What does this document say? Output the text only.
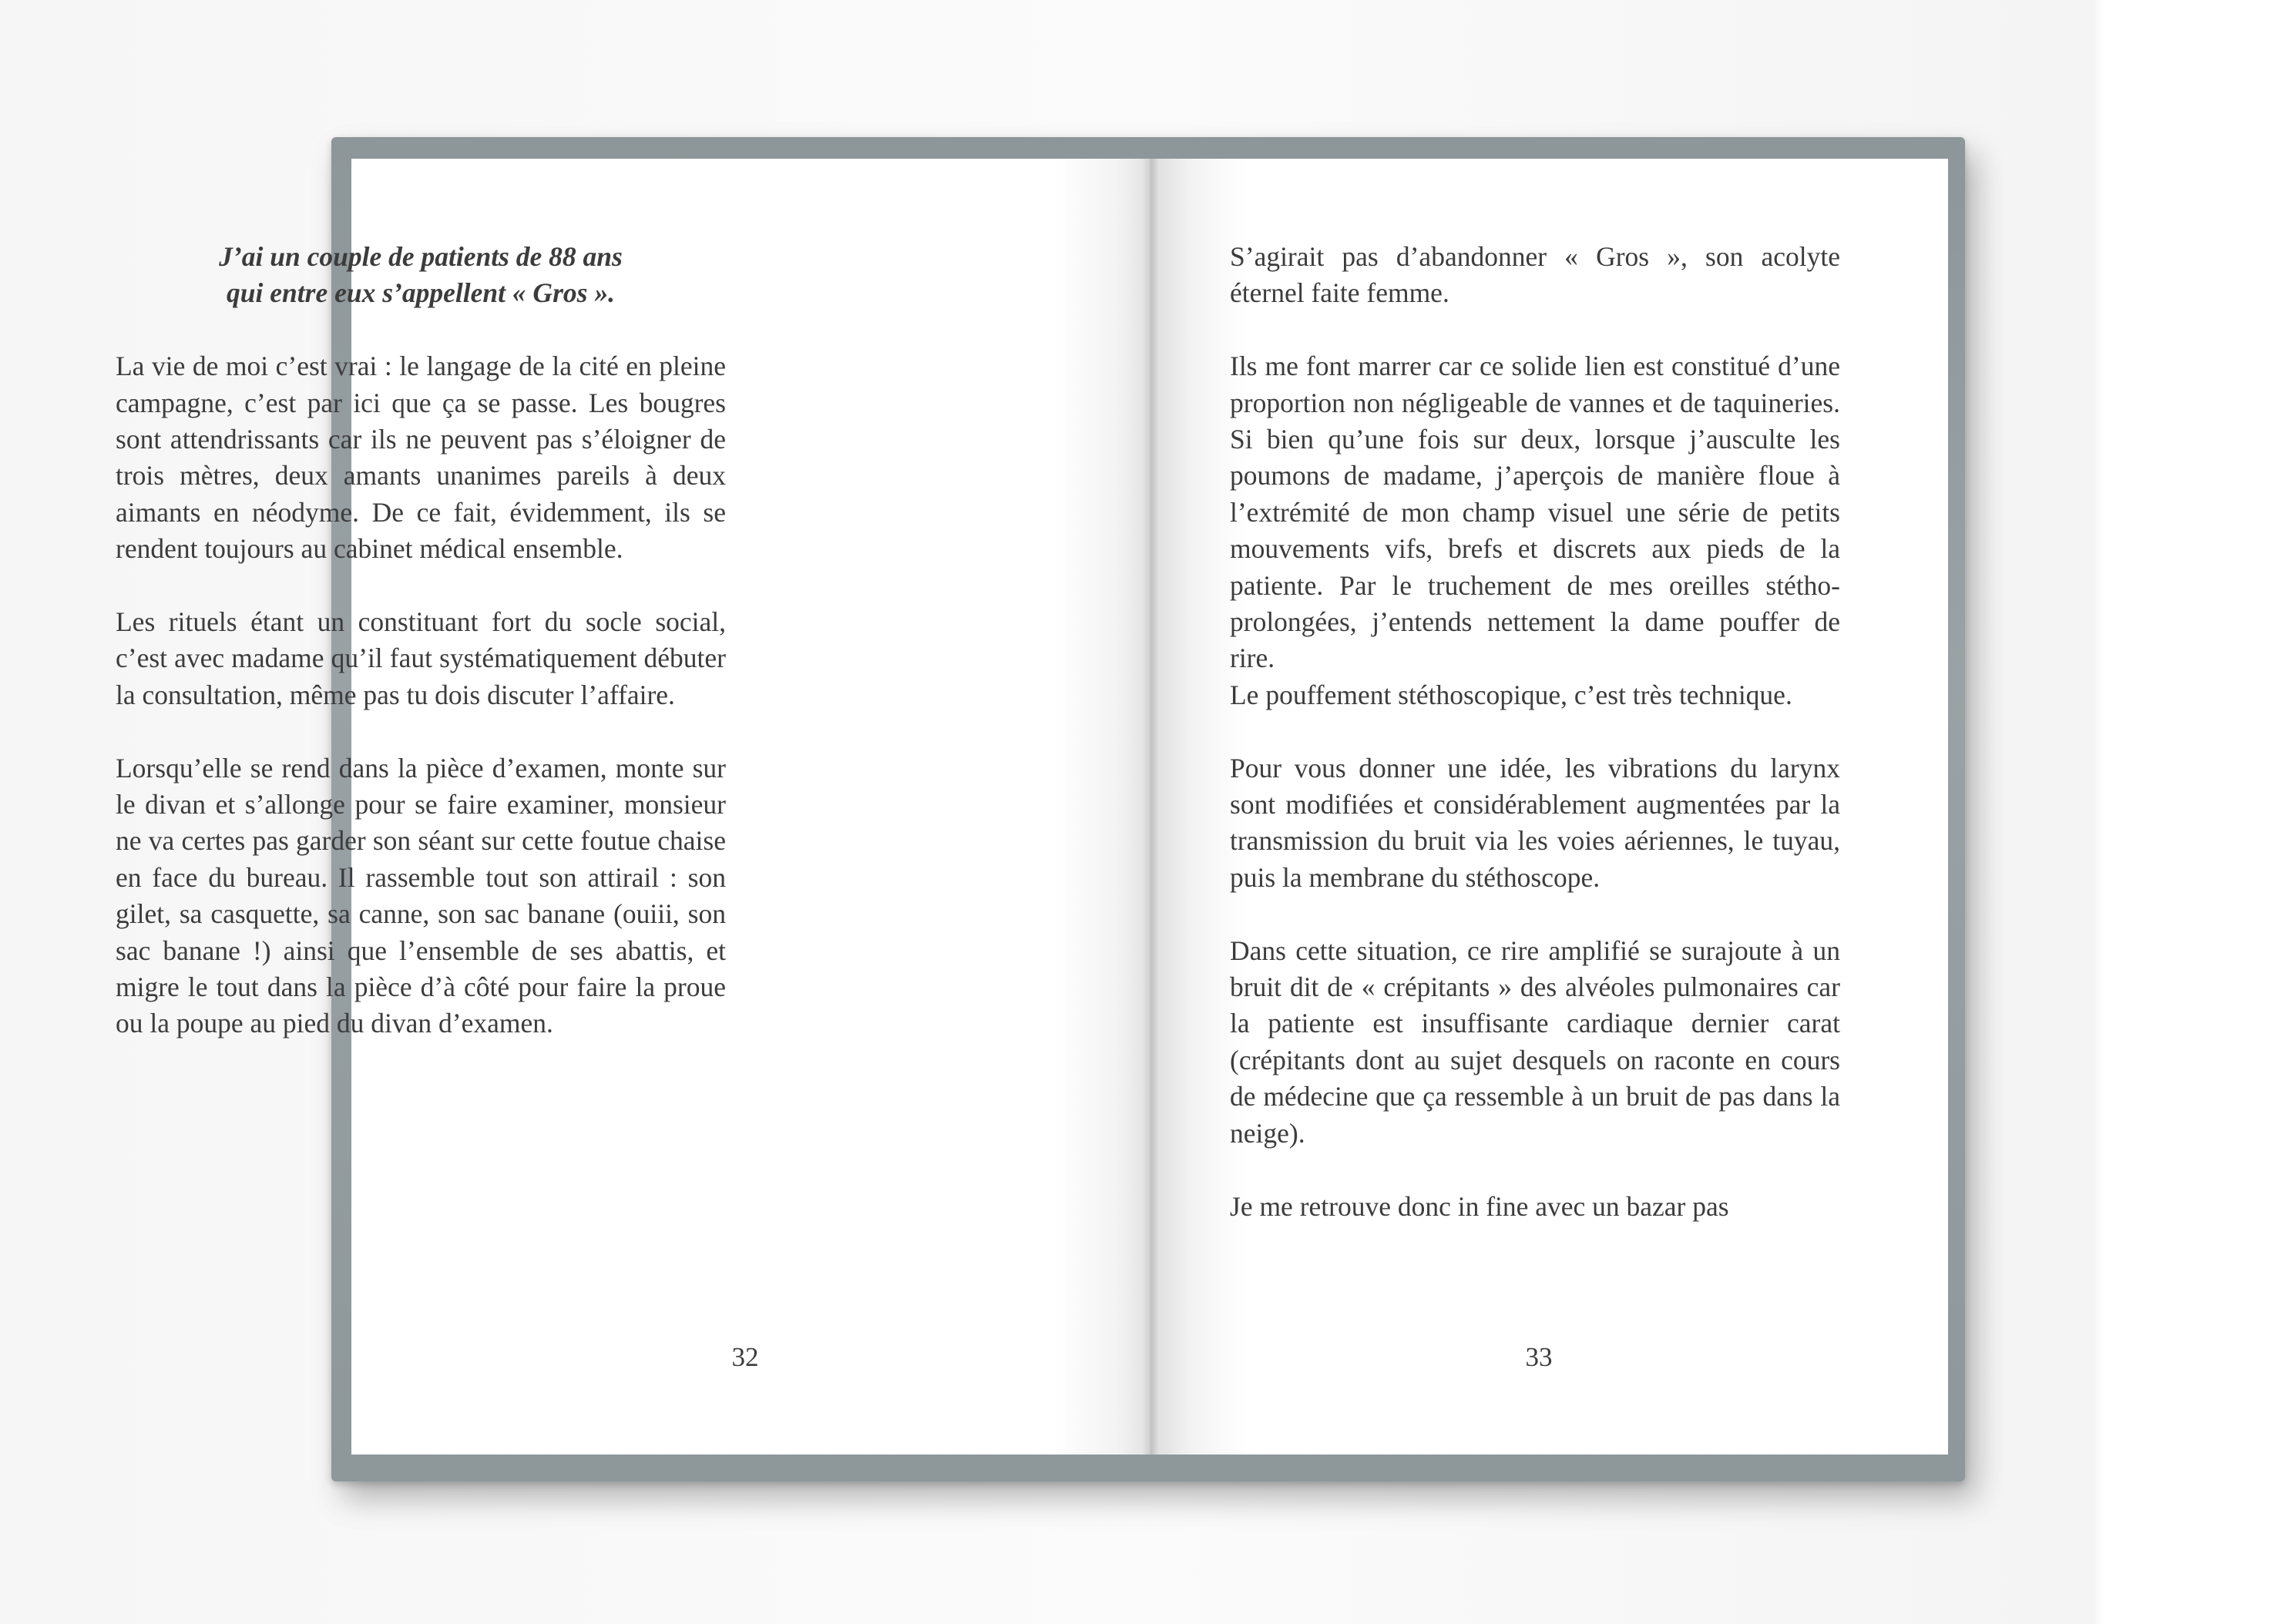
J’ai un couple de patients de 88 ans
qui entre eux s’appellent « Gros ».

La vie de moi c’est vrai : le langage de la cité en pleine campagne, c’est par ici que ça se passe. Les bougres sont attendrissants car ils ne peuvent pas s’éloigner de trois mètres, deux amants unanimes pareils à deux aimants en néodyme. De ce fait, évidemment, ils se rendent toujours au cabinet médical ensemble.

Les rituels étant un constituant fort du socle social, c’est avec madame qu’il faut systématiquement débuter la consultation, même pas tu dois discuter l’affaire.

Lorsqu’elle se rend dans la pièce d’examen, monte sur le divan et s’allonge pour se faire examiner, monsieur ne va certes pas garder son séant sur cette foutue chaise en face du bureau. Il rassemble tout son attirail : son gilet, sa casquette, sa canne, son sac banane (ouiii, son sac banane !) ainsi que l’ensemble de ses abattis, et migre le tout dans la pièce d’à côté pour faire la proue ou la poupe au pied du divan d’examen.

S’agirait pas d’abandonner « Gros », son acolyte éternel faite femme.

Ils me font marrer car ce solide lien est constitué d’une proportion non négligeable de vannes et de taquineries. Si bien qu’une fois sur deux, lorsque j’ausculte les poumons de madame, j’aperçois de manière floue à l’extrémité de mon champ visuel une série de petits mouvements vifs, brefs et discrets aux pieds de la patiente. Par le truchement de mes oreilles stétho-prolongées, j’entends nettement la dame pouffer de rire.

Le pouffement stéthoscopique, c’est très technique.

Pour vous donner une idée, les vibrations du larynx sont modifiées et considérablement augmentées par la transmission du bruit via les voies aériennes, le tuyau, puis la membrane du stéthoscope.

Dans cette situation, ce rire amplifié se surajoute à un bruit dit de « crépitants » des alvéoles pulmonaires car la patiente est insuffisante cardiaque dernier carat (crépitants dont au sujet desquels on raconte en cours de médecine que ça ressemble à un bruit de pas dans la neige).

Je me retrouve donc in fine avec un bazar pas

32	33
